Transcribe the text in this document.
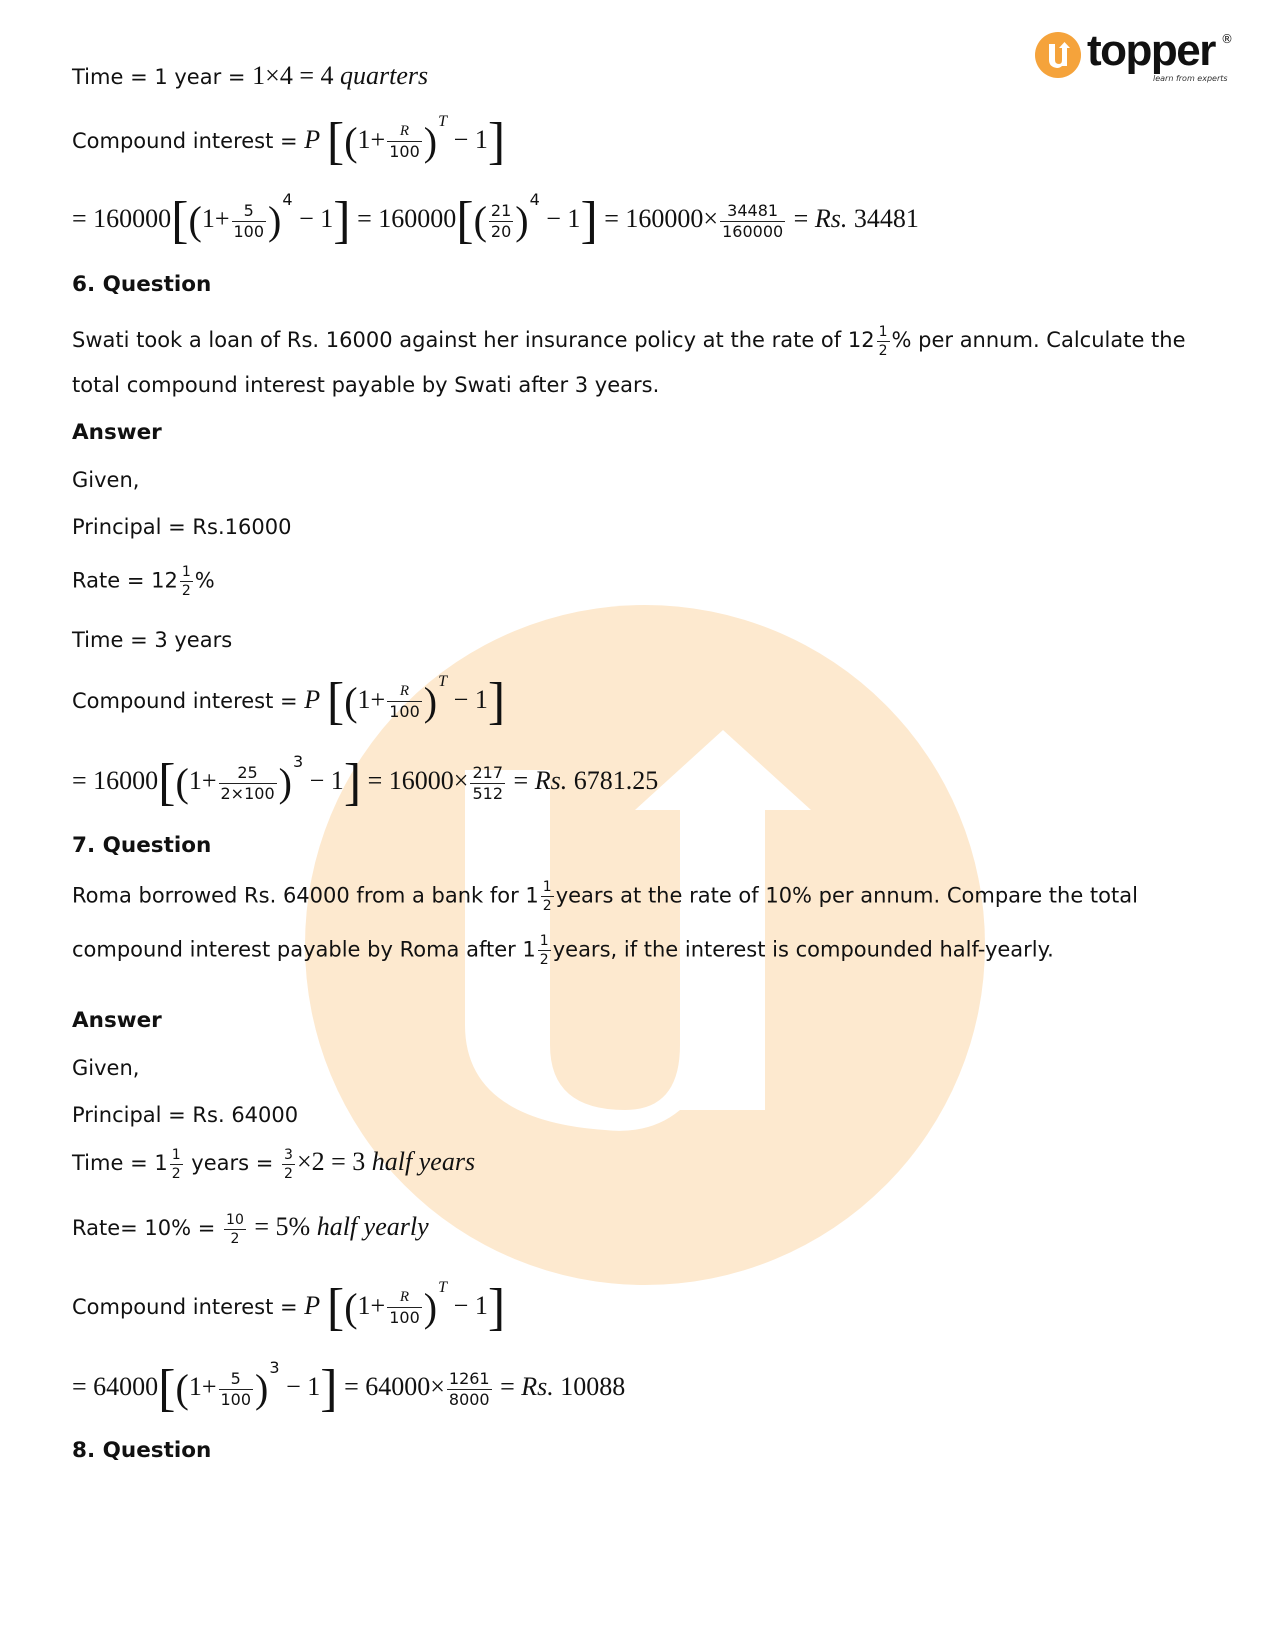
topper ®
learn from experts
Time = 1 year = 1×4 = 4 quarters
Compound interest = P $[(1+ \frac{R}{100} )^T - 1]$
= $160000[(1+ \frac{5}{100} )^4 - 1] = 160000[( \frac{21}{20} )^4 - 1] = 160000\times \frac{34481}{160000} = Rs$. 34481
6. Question
Swati took a loan of Rs. 16000 against her insurance policy at the rate of $12 \frac{1}{2}$ % per annum. Calculate the total compound interest payable by Swati after 3 years.
Answer
Given,
Principal = Rs.16000
Rate = $12 \frac{1}{2}$ %
Time = 3 years
Compound interest = P $[(1+ \frac{R}{100} )^T - 1]$
= $16000[(1+ \frac{25}{2\times 100} )^3 - 1] = 16000\times \frac{217}{512} = Rs$. 6781.25
7. Question
Roma borrowed Rs. 64000 from a bank for $1 \frac{1}{2}$ years at the rate of 10% per annum. Compare the total
compound interest payable by Roma after $1 \frac{1}{2}$ years, if the interest is compounded half-yearly.
Answer
Given,
Principal = Rs. 64000
Time = $1 \frac{1}{2}$ years = $\frac{3}{2} \times 2 = 3$ half years
Rate= $10\% = \frac{10}{2} = 5\%$ half yearly
Compound interest = P $[(1+ \frac{R}{100} )^T - 1]$
= $64000[(1+ \frac{5}{100} )^3 - 1] = 64000\times \frac{1261}{8000} = Rs$. 10088
8. Question
